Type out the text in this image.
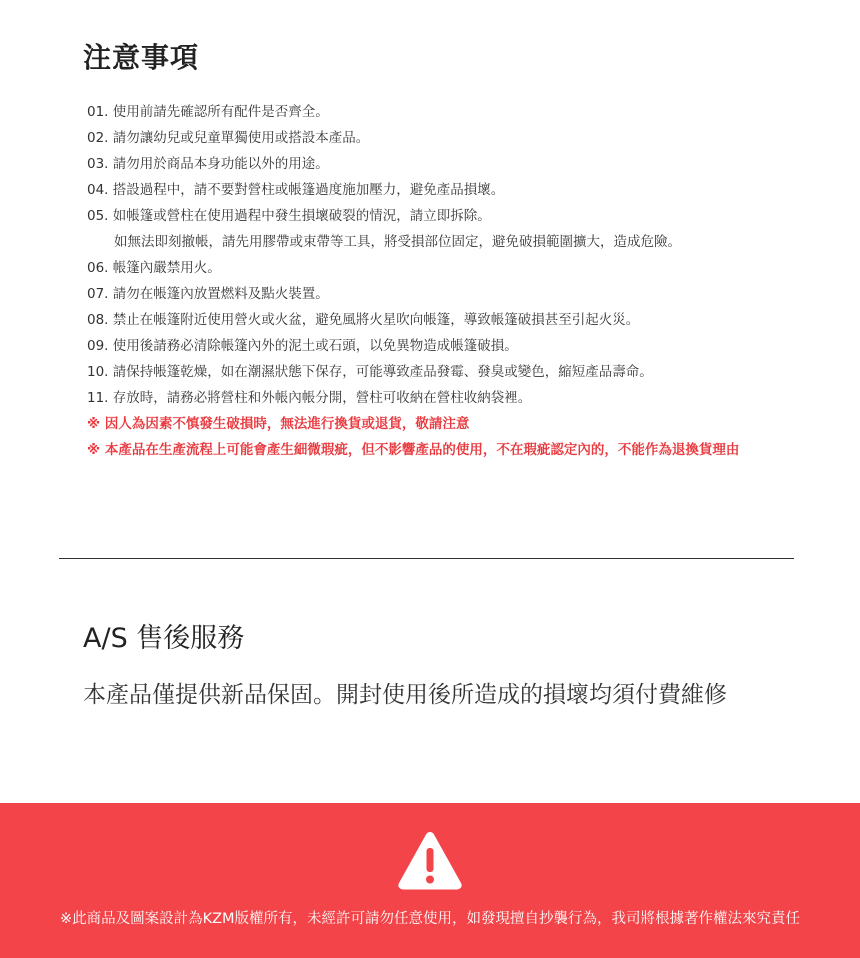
注意事項
01. 使用前請先確認所有配件是否齊全。
02. 請勿讓幼兒或兒童單獨使用或搭設本產品。
03. 請勿用於商品本身功能以外的用途。
04. 搭設過程中，請不要對營柱或帳篷過度施加壓力，避免產品損壞。
05. 如帳篷或營柱在使用過程中發生損壞破裂的情況，請立即拆除。
如無法即刻撤帳，請先用膠帶或束帶等工具，將受損部位固定，避免破損範圍擴大，造成危險。
06. 帳篷內嚴禁用火。
07. 請勿在帳篷內放置燃料及點火裝置。
08. 禁止在帳篷附近使用營火或火盆，避免風將火星吹向帳篷，導致帳篷破損甚至引起火災。
09. 使用後請務必清除帳篷內外的泥土或石頭，以免異物造成帳篷破損。
10. 請保持帳篷乾燥，如在潮濕狀態下保存，可能導致產品發霉、發臭或變色，縮短產品壽命。
11. 存放時，請務必將營柱和外帳內帳分開，營柱可收納在營柱收納袋裡。
※ 因人為因素不慎發生破損時，無法進行換貨或退貨，敬請注意
※ 本產品在生產流程上可能會產生細微瑕疵，但不影響產品的使用，不在瑕疵認定內的，不能作為退換貨理由
A/S 售後服務

本產品僅提供新品保固。開封使用後所造成的損壞均須付費維修

※此商品及圖案設計為KZM版權所有，未經許可請勿任意使用，如發現擅自抄襲行為，我司將根據著作權法來究責任
